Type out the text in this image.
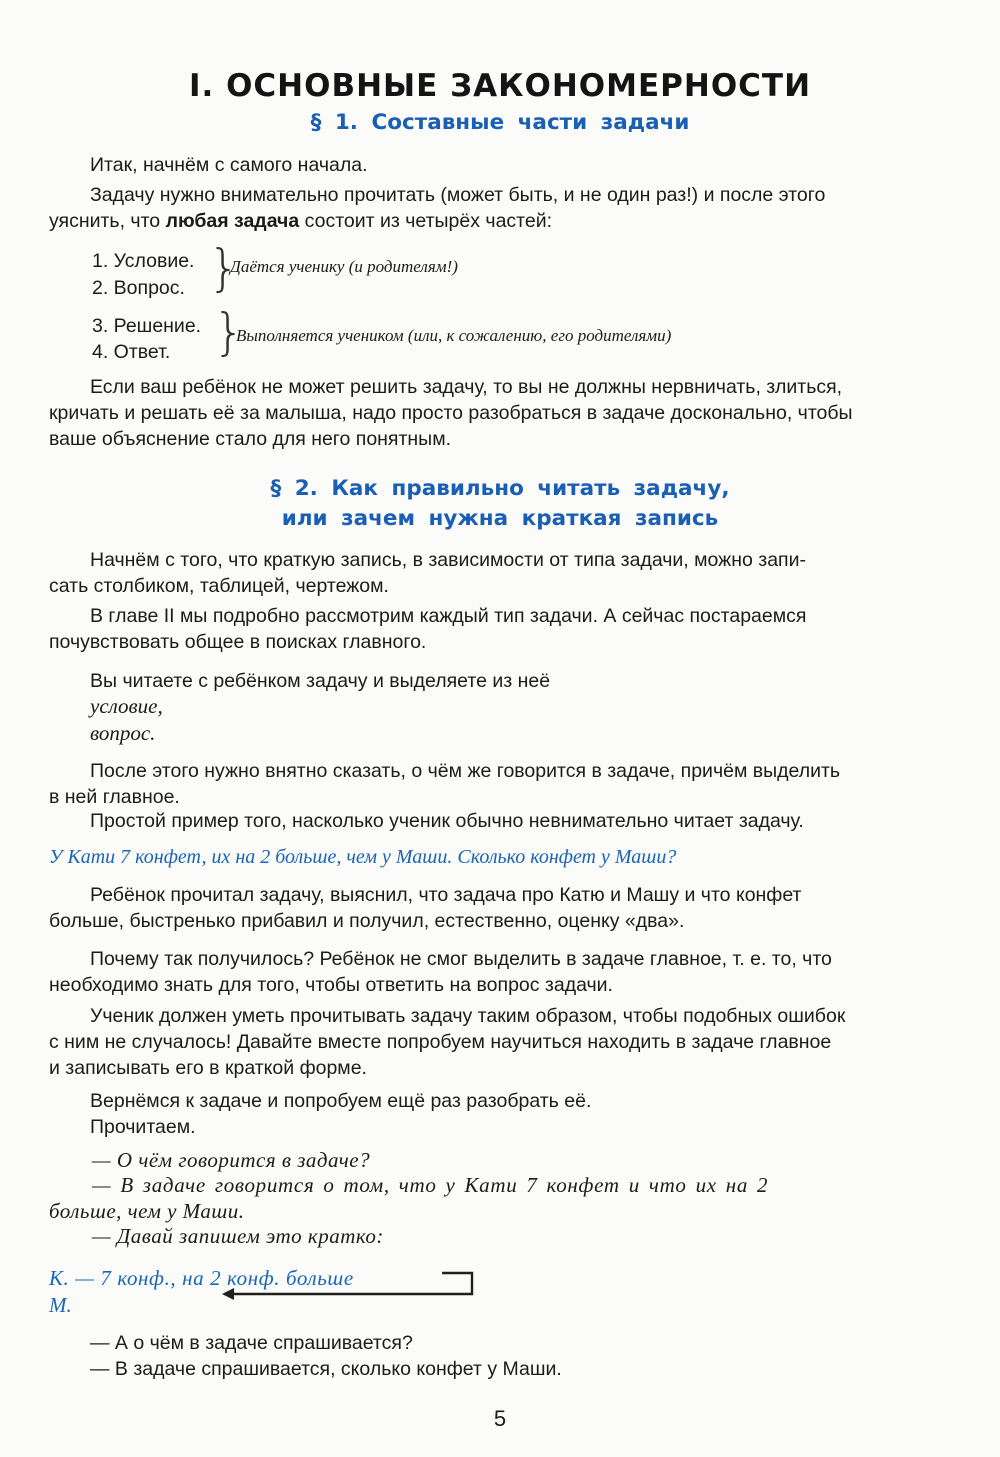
I. ОСНОВНЫЕ ЗАКОНОМЕРНОСТИ
§ 1. Составные части задачи
Итак, начнём с самого начала.
Задачу нужно внимательно прочитать (может быть, и не один раз!) и после этого
уяснить, что любая задача состоит из четырёх частей:
1. Условие.
2. Вопрос. }
Даётся ученику (и родителям!)
3. Решение.
4. Ответ. }
Выполняется учеником (или, к сожалению, его родителями)
Если ваш ребёнок не может решить задачу, то вы не должны нервничать, злиться,
кричать и решать её за малыша, надо просто разобраться в задаче досконально, чтобы
ваше объяснение стало для него понятным.
§ 2. Как правильно читать задачу,
или зачем нужна краткая запись
Начнём с того, что краткую запись, в зависимости от типа задачи, можно запи-
сать столбиком, таблицей, чертежом.
В главе II мы подробно рассмотрим каждый тип задачи. А сейчас постараемся
почувствовать общее в поисках главного.
Вы читаете с ребёнком задачу и выделяете из неё
условие,
вопрос.
После этого нужно внятно сказать, о чём же говорится в задаче, причём выделить
в ней главное.
Простой пример того, насколько ученик обычно невнимательно читает задачу.
У Кати 7 конфет, их на 2 больше, чем у Маши. Сколько конфет у Маши?
Ребёнок прочитал задачу, выяснил, что задача про Катю и Машу и что конфет
больше, быстренько прибавил и получил, естественно, оценку «два».
Почему так получилось? Ребёнок не смог выделить в задаче главное, т. е. то, что
необходимо знать для того, чтобы ответить на вопрос задачи.
Ученик должен уметь прочитывать задачу таким образом, чтобы подобных ошибок
с ним не случалось! Давайте вместе попробуем научиться находить в задаче главное
и записывать его в краткой форме.
Вернёмся к задаче и попробуем ещё раз разобрать её.
Прочитаем.
— О чём говорится в задаче?
— В задаче говорится о том, что у Кати 7 конфет и что их на 2
больше, чем у Маши.
— Давай запишем это кратко:
К. — 7 конф., на 2 конф. больше
М.
— А о чём в задаче спрашивается?
— В задаче спрашивается, сколько конфет у Маши.
5
